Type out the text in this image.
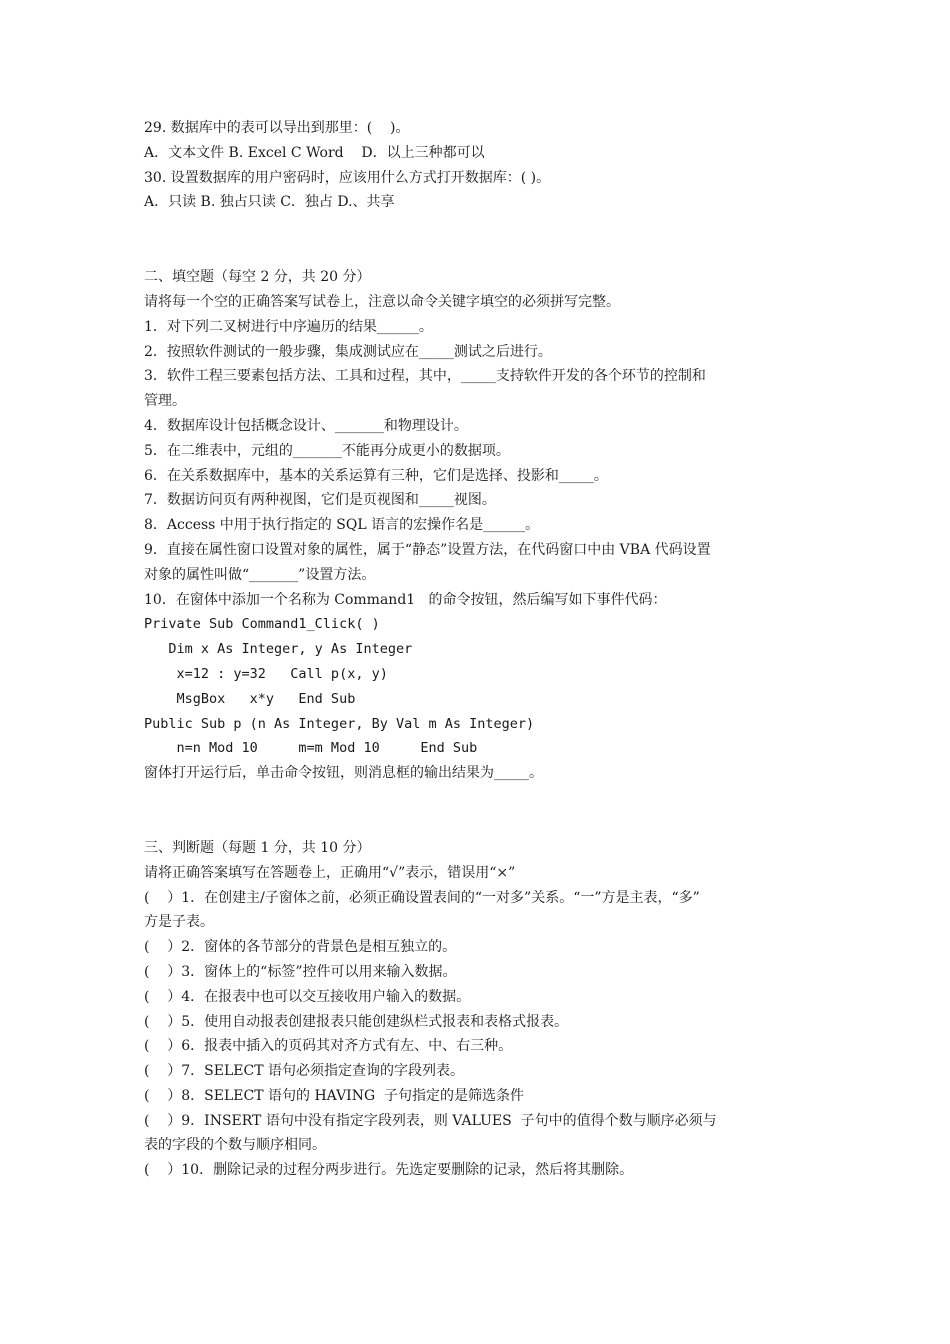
29. 数据库中的表可以导出到那里：(    )。
A．文本文件 B. Excel C Word    D．以上三种都可以
30. 设置数据库的用户密码时，应该用什么方式打开数据库：( )。
A．只读 B. 独占只读 C．独占 D.、共享
二、填空题（每空 2 分，共 20 分）
请将每一个空的正确答案写试卷上，注意以命令关键字填空的必须拼写完整。
1．对下列二叉树进行中序遍历的结果______。
2．按照软件测试的一般步骤，集成测试应在_____测试之后进行。
3．软件工程三要素包括方法、工具和过程，其中，_____支持软件开发的各个环节的控制和
管理。
4．数据库设计包括概念设计、_______和物理设计。
5．在二维表中，元组的_______不能再分成更小的数据项。
6．在关系数据库中，基本的关系运算有三种，它们是选择、投影和_____。
7．数据访问页有两种视图，它们是页视图和_____视图。
8．Access 中用于执行指定的 SQL 语言的宏操作名是______。
9．直接在属性窗口设置对象的属性，属于“静态”设置方法，在代码窗口中由 VBA 代码设置
对象的属性叫做“_______”设置方法。
10．在窗体中添加一个名称为 Command1   的命令按钮，然后编写如下事件代码：
Private Sub Command1_Click( )
Dim x As Integer, y As Integer
x=12 : y=32   Call p(x, y)
MsgBox   x*y   End Sub
Public Sub p (n As Integer, By Val m As Integer)
n=n Mod 10     m=m Mod 10     End Sub
窗体打开运行后，单击命令按钮，则消息框的输出结果为_____。
三、判断题（每题 1 分，共 10 分）
请将正确答案填写在答题卷上，正确用“√”表示，错误用“×”
(    ）1．在创建主/子窗体之前，必须正确设置表间的“一对多”关系。“一”方是主表，“多”
方是子表。
(    ）2．窗体的各节部分的背景色是相互独立的。
(    ）3．窗体上的“标签”控件可以用来输入数据。
(    ）4．在报表中也可以交互接收用户输入的数据。
(    ）5．使用自动报表创建报表只能创建纵栏式报表和表格式报表。
(    ）6．报表中插入的页码其对齐方式有左、中、右三种。
(    ）7．SELECT 语句必须指定查询的字段列表。
(    ）8．SELECT 语句的 HAVING  子句指定的是筛选条件
(    ）9．INSERT 语句中没有指定字段列表，则 VALUES  子句中的值得个数与顺序必须与
表的字段的个数与顺序相同。
(    ）10．删除记录的过程分两步进行。先选定要删除的记录，然后将其删除。
